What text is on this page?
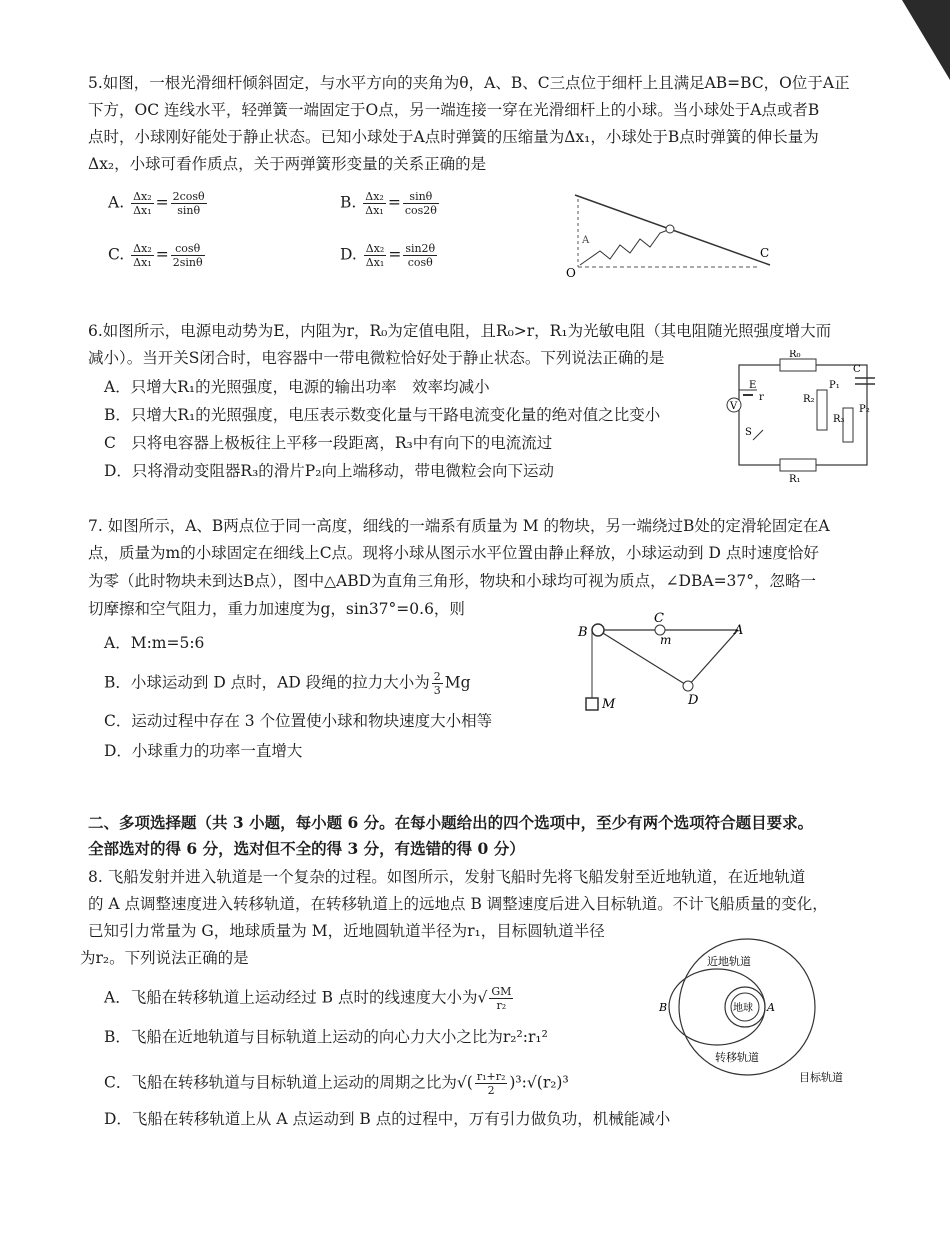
5.如图，一根光滑细杆倾斜固定，与水平方向的夹角为θ，A、B、C三点位于细杆上且满足AB=BC，O位于A正
下方，OC 连线水平，轻弹簧一端固定于O点，另一端连接一穿在光滑细杆上的小球。当小球处于A点或者B
点时，小球刚好能处于静止状态。已知小球处于A点时弹簧的压缩量为Δx₁，小球处于B点时弹簧的伸长量为
Δx₂，小球可看作质点，关于两弹簧形变量的关系正确的是
A. $\frac{\text{Δx₂}}{\text{Δx₁}} = \frac{2\cos\theta}{\sin\theta}$	B. $\frac{\text{Δx₂}}{\text{Δx₁}} = \frac{\sin\theta}{\cos 2\theta}$
C. $\frac{\text{Δx₂}}{\text{Δx₁}} = \frac{\cos\theta}{2\sin\theta}$	D. $\frac{\text{Δx₂}}{\text{Δx₁}} = \frac{\sin 2\theta}{\cos\theta}$
O
C
A
6.如图所示，电源电动势为E，内阻为r，R₀为定值电阻，且R₀>r，R₁为光敏电阻（其电阻随光照强度增大而
减小）。当开关S闭合时，电容器中一带电微粒恰好处于静止状态。下列说法正确的是
A．只增大R₁的光照强度，电源的输出功率　效率均减小
B．只增大R₁的光照强度，电压表示数变化量与干路电流变化量的绝对值之比变小
C　只将电容器上极板往上平移一段距离，R₃中有向下的电流流过
D．只将滑动变阻器R₃的滑片P₂向上端移动，带电微粒会向下运动
R₀
R₁
E
r
V
S
R₂
P₁
R₃
P₂
C
7. 如图所示，A、B两点位于同一高度，细线的一端系有质量为 M 的物块，另一端绕过B处的定滑轮固定在A
点，质量为m的小球固定在细线上C点。现将小球从图示水平位置由静止释放，小球运动到 D 点时速度恰好
为零（此时物块未到达B点），图中△ABD为直角三角形，物块和小球均可视为质点，∠DBA=37°，忽略一
切摩擦和空气阻力，重力加速度为g，sin37°=0.6，则
A．M:m=5:6
B．小球运动到 D 点时，AD 段绳的拉力大小为 $\frac{2}{3}$ Mg
C．运动过程中存在 3 个位置使小球和物块速度大小相等
D．小球重力的功率一直增大
B
C
m
A
D
M
二、多项选择题（共 3 小题，每小题 6 分。在每小题给出的四个选项中，至少有两个选项符合题目要求。
全部选对的得 6 分，选对但不全的得 3 分，有选错的得 0 分）
8. 飞船发射并进入轨道是一个复杂的过程。如图所示，发射飞船时先将飞船发射至近地轨道，在近地轨道
的 A 点调整速度进入转移轨道，在转移轨道上的远地点 B 调整速度后进入目标轨道。不计飞船质量的变化，
已知引力常量为 G，地球质量为 M，近地圆轨道半径为r₁，目标圆轨道半径
为r₂。下列说法正确的是
A．飞船在转移轨道上运动经过 B 点时的线速度大小为√ $\frac{GM}{\text{r₂}}$
B．飞船在近地轨道与目标轨道上运动的向心力大小之比为r₂²:r₁²
C．飞船在转移轨道与目标轨道上运动的周期之比为√( $\frac{\text{r₁+r₂}}{2}$ )³:√(r₂)³
D．飞船在转移轨道上从 A 点运动到 B 点的过程中，万有引力做负功，机械能减小
地球 A
B
近地轨道
转移轨道
目标轨道
